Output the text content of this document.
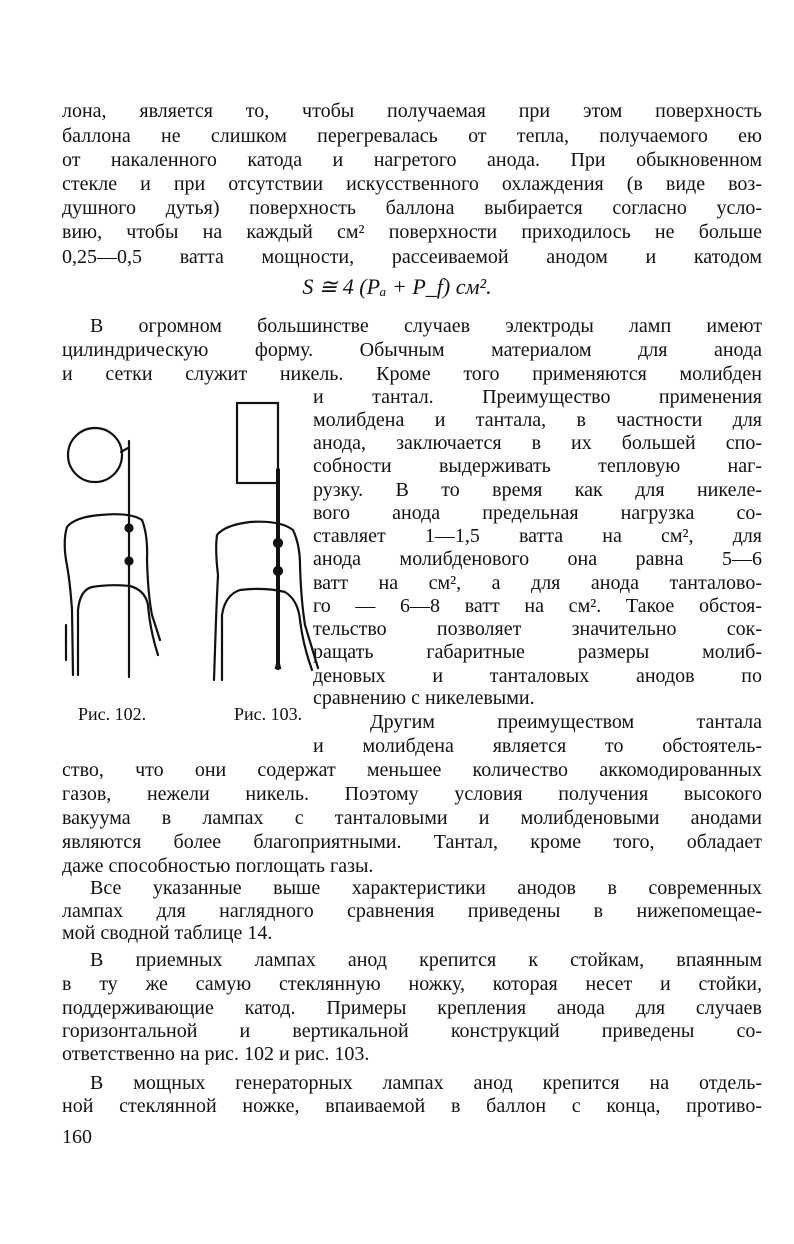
лона, является то, чтобы получаемая при этом поверхность
баллона не слишком перегревалась от тепла, получаемого ею
от накаленного катода и нагретого анода. При обыкновенном
стекле и при отсутствии искусственного охлаждения (в виде воз-
душного дутья) поверхность баллона выбирается согласно усло-
вию, чтобы на каждый см² поверхности приходилось не больше
0,25—0,5 ватта мощности, рассеиваемой анодом и катодом
S ≅ 4 (Pₐ + P_f) см².
В огромном большинстве случаев электроды ламп имеют
цилиндрическую форму. Обычным материалом для анода
и сетки служит никель. Кроме того применяются молибден
и тантал. Преимущество применения
молибдена и тантала, в частности для
анода, заключается в их большей спо-
собности выдерживать тепловую наг-
рузку. В то время как для никеле-
вого анода предельная нагрузка со-
ставляет 1—1,5 ватта на см², для
анода молибденового она равна 5—6
ватт на см², а для анода танталово-
го — 6—8 ватт на см². Такое обстоя-
тельство позволяет значительно сок-
ращать габаритные размеры молиб-
деновых и танталовых анодов по
сравнению с никелевыми.
Другим преимуществом тантала
и молибдена является то обстоятель-
ство, что они содержат меньшее количество аккомодированных
газов, нежели никель. Поэтому условия получения высокого
вакуума в лампах с танталовыми и молибденовыми анодами
являются более благоприятными. Тантал, кроме того, обладает
даже способностью поглощать газы.
Все указанные выше характеристики анодов в современных
лампах для наглядного сравнения приведены в нижепомещае-
мой сводной таблице 14.
В приемных лампах анод крепится к стойкам, впаянным
в ту же самую стеклянную ножку, которая несет и стойки,
поддерживающие катод. Примеры крепления анода для случаев
горизонтальной и вертикальной конструкций приведены со-
ответственно на рис. 102 и рис. 103.
В мощных генераторных лампах анод крепится на отдель-
ной стеклянной ножке, впаиваемой в баллон с конца, противо-
Рис. 102.	Рис. 103.
160
